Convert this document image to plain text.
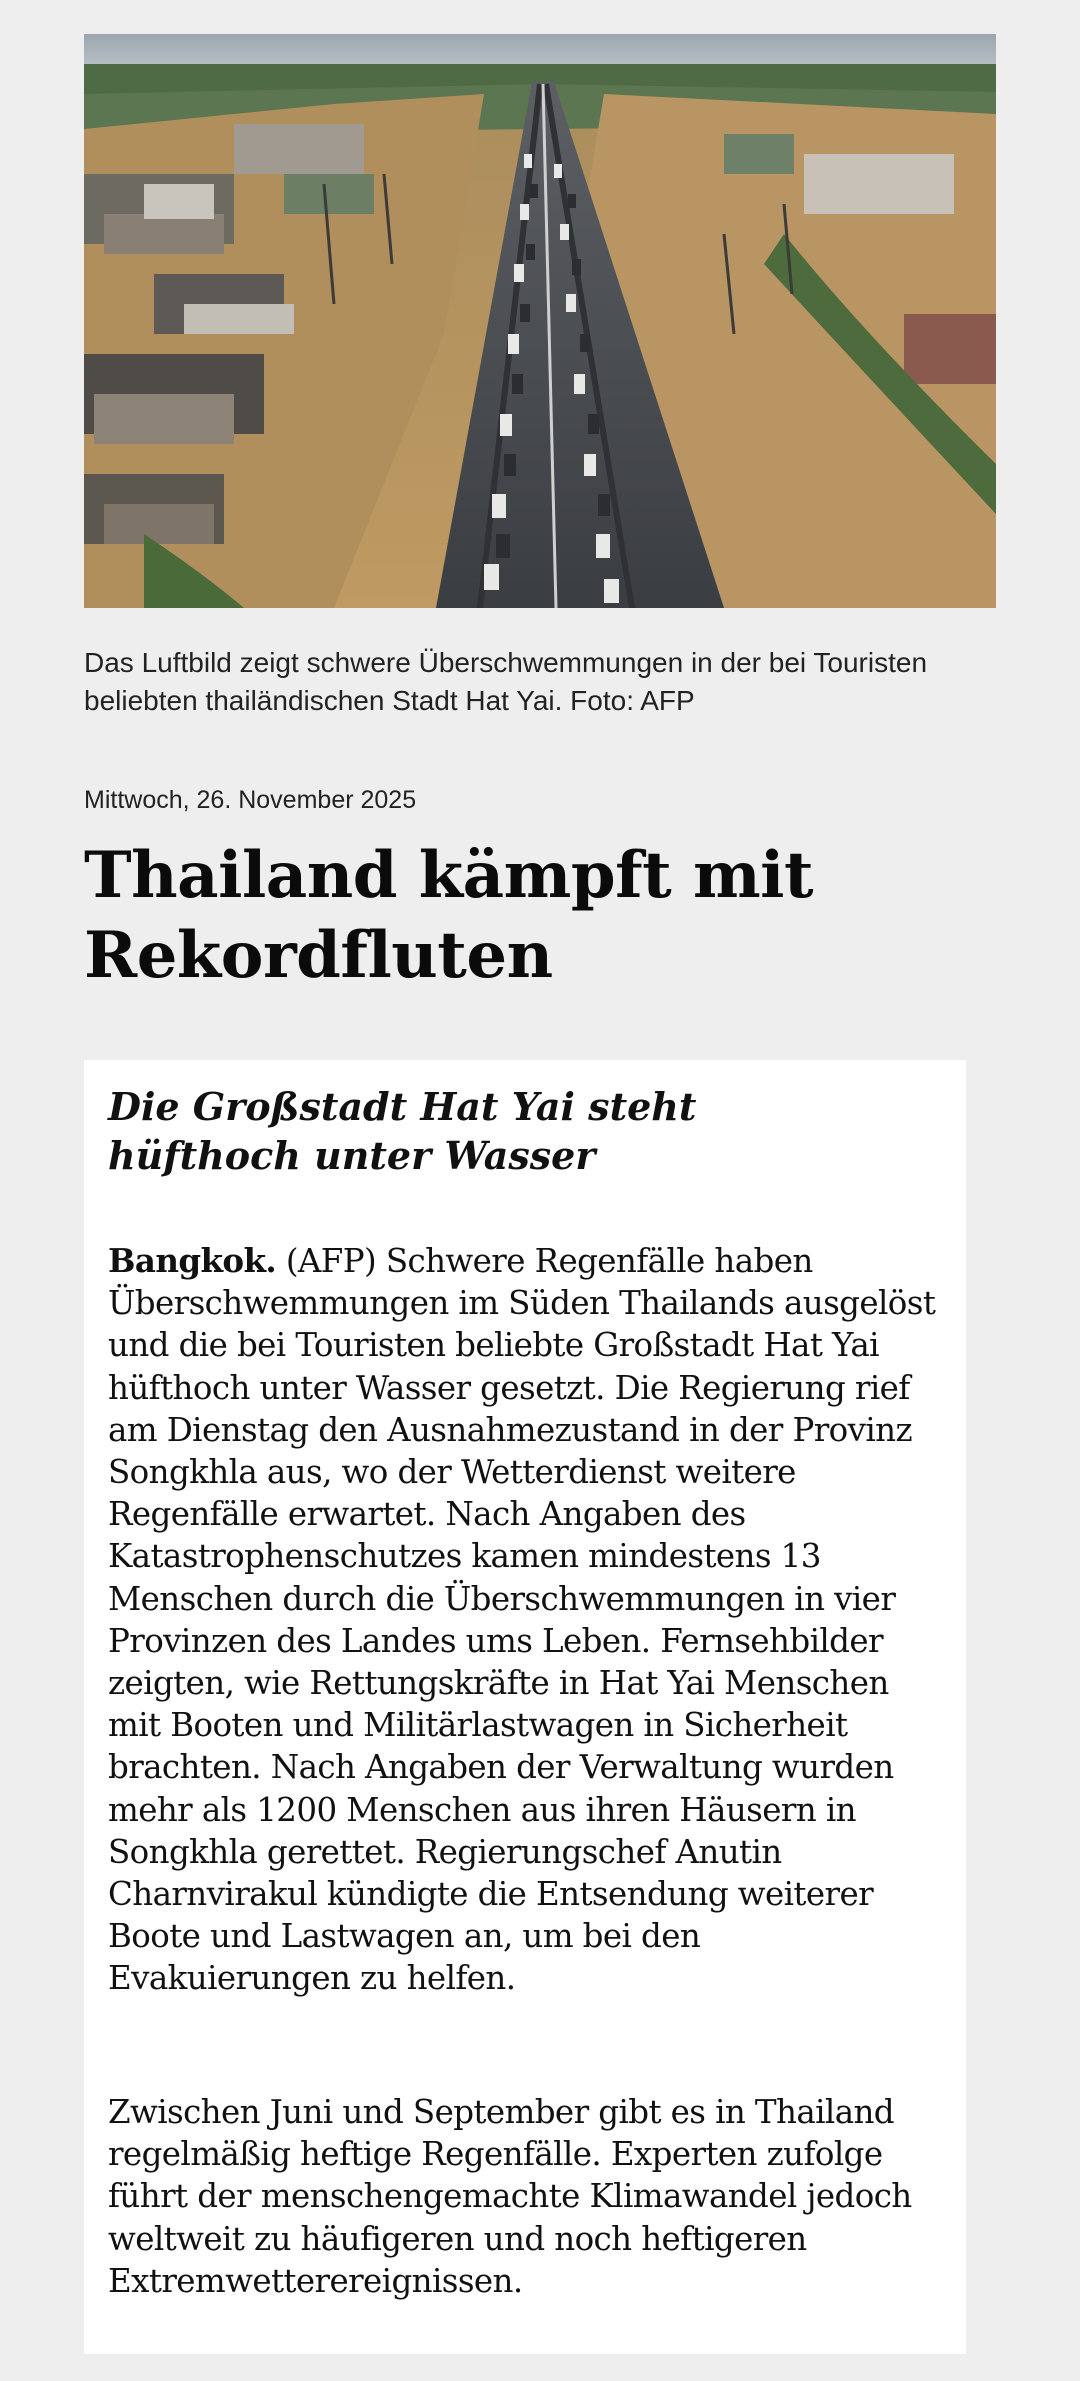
Das Luftbild zeigt schwere Überschwemmungen in der bei Touristen beliebten thailändischen Stadt Hat Yai. Foto: AFP

Mittwoch, 26. November 2025

Thailand kämpft mit
Rekordfluten
Die Großstadt Hat Yai steht
hüfthoch unter Wasser

Bangkok. (AFP) Schwere Regenfälle haben Überschwemmungen im Süden Thailands ausgelöst und die bei Touristen beliebte Großstadt Hat Yai hüfthoch unter Wasser gesetzt. Die Regierung rief am Dienstag den Ausnahmezustand in der Provinz Songkhla aus, wo der Wetterdienst weitere Regenfälle erwartet. Nach Angaben des Katastrophenschutzes kamen mindestens 13 Menschen durch die Überschwemmungen in vier Provinzen des Landes ums Leben. Fernsehbilder zeigten, wie Rettungskräfte in Hat Yai Menschen mit Booten und Militärlastwagen in Sicherheit brachten. Nach Angaben der Verwaltung wurden mehr als 1200 Menschen aus ihren Häusern in Songkhla gerettet. Regierungschef Anutin Charnvirakul kündigte die Entsendung weiterer Boote und Lastwagen an, um bei den Evakuierungen zu helfen.

Zwischen Juni und September gibt es in Thailand regelmäßig heftige Regenfälle. Experten zufolge führt der menschengemachte Klimawandel jedoch weltweit zu häufigeren und noch heftigeren Extremwetterereignissen.
